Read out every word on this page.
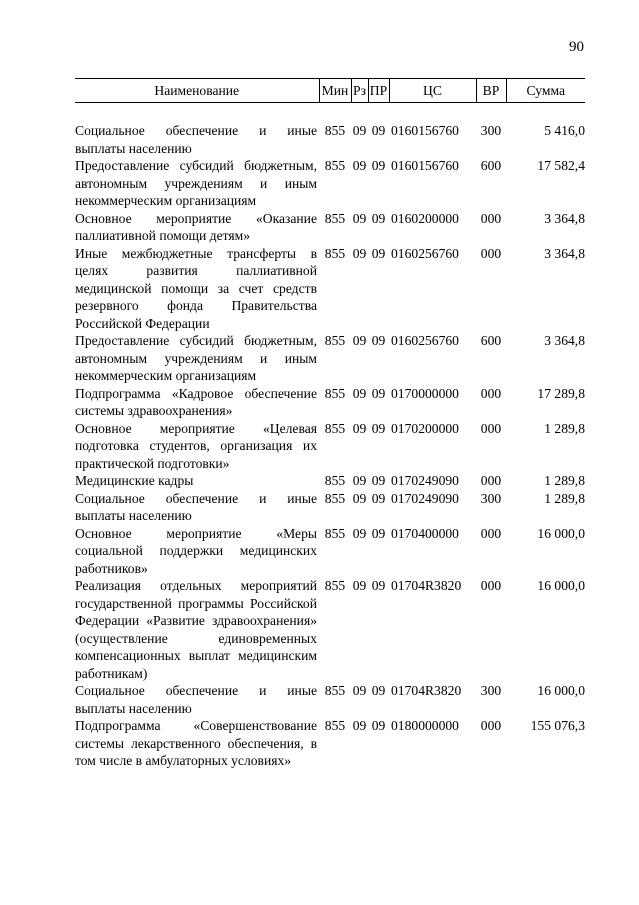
90
Наименование	Мин	Рз	ПР	ЦС	ВР	Сумма

Социальное обеспечение и иные выплаты населению	855	09	09	0160156760	300	5 416,0
Предоставление субсидий бюджетным, автономным учреждениям и иным некоммерческим организациям	855	09	09	0160156760	600	17 582,4
Основное мероприятие «Оказание паллиативной помощи детям»	855	09	09	0160200000	000	3 364,8
Иные межбюджетные трансферты в целях развития паллиативной медицинской помощи за счет средств резервного фонда Правительства Российской Федерации	855	09	09	0160256760	000	3 364,8
Предоставление субсидий бюджетным, автономным учреждениям и иным некоммерческим организациям	855	09	09	0160256760	600	3 364,8
Подпрограмма «Кадровое обеспечение системы здравоохранения»	855	09	09	0170000000	000	17 289,8
Основное мероприятие «Целевая подготовка студентов, организация их практической подготовки»	855	09	09	0170200000	000	1 289,8
Медицинские кадры	855	09	09	0170249090	000	1 289,8
Социальное обеспечение и иные выплаты населению	855	09	09	0170249090	300	1 289,8
Основное мероприятие «Меры социальной поддержки медицинских работников»	855	09	09	0170400000	000	16 000,0
Реализация отдельных мероприятий государственной программы Российской Федерации «Развитие здравоохранения» (осуществление единовременных компенсационных выплат медицинским работникам)	855	09	09	01704R3820	000	16 000,0
Социальное обеспечение и иные выплаты населению	855	09	09	01704R3820	300	16 000,0
Подпрограмма «Совершенствование системы лекарственного обеспечения, в том числе в амбулаторных условиях»	855	09	09	0180000000	000	155 076,3
